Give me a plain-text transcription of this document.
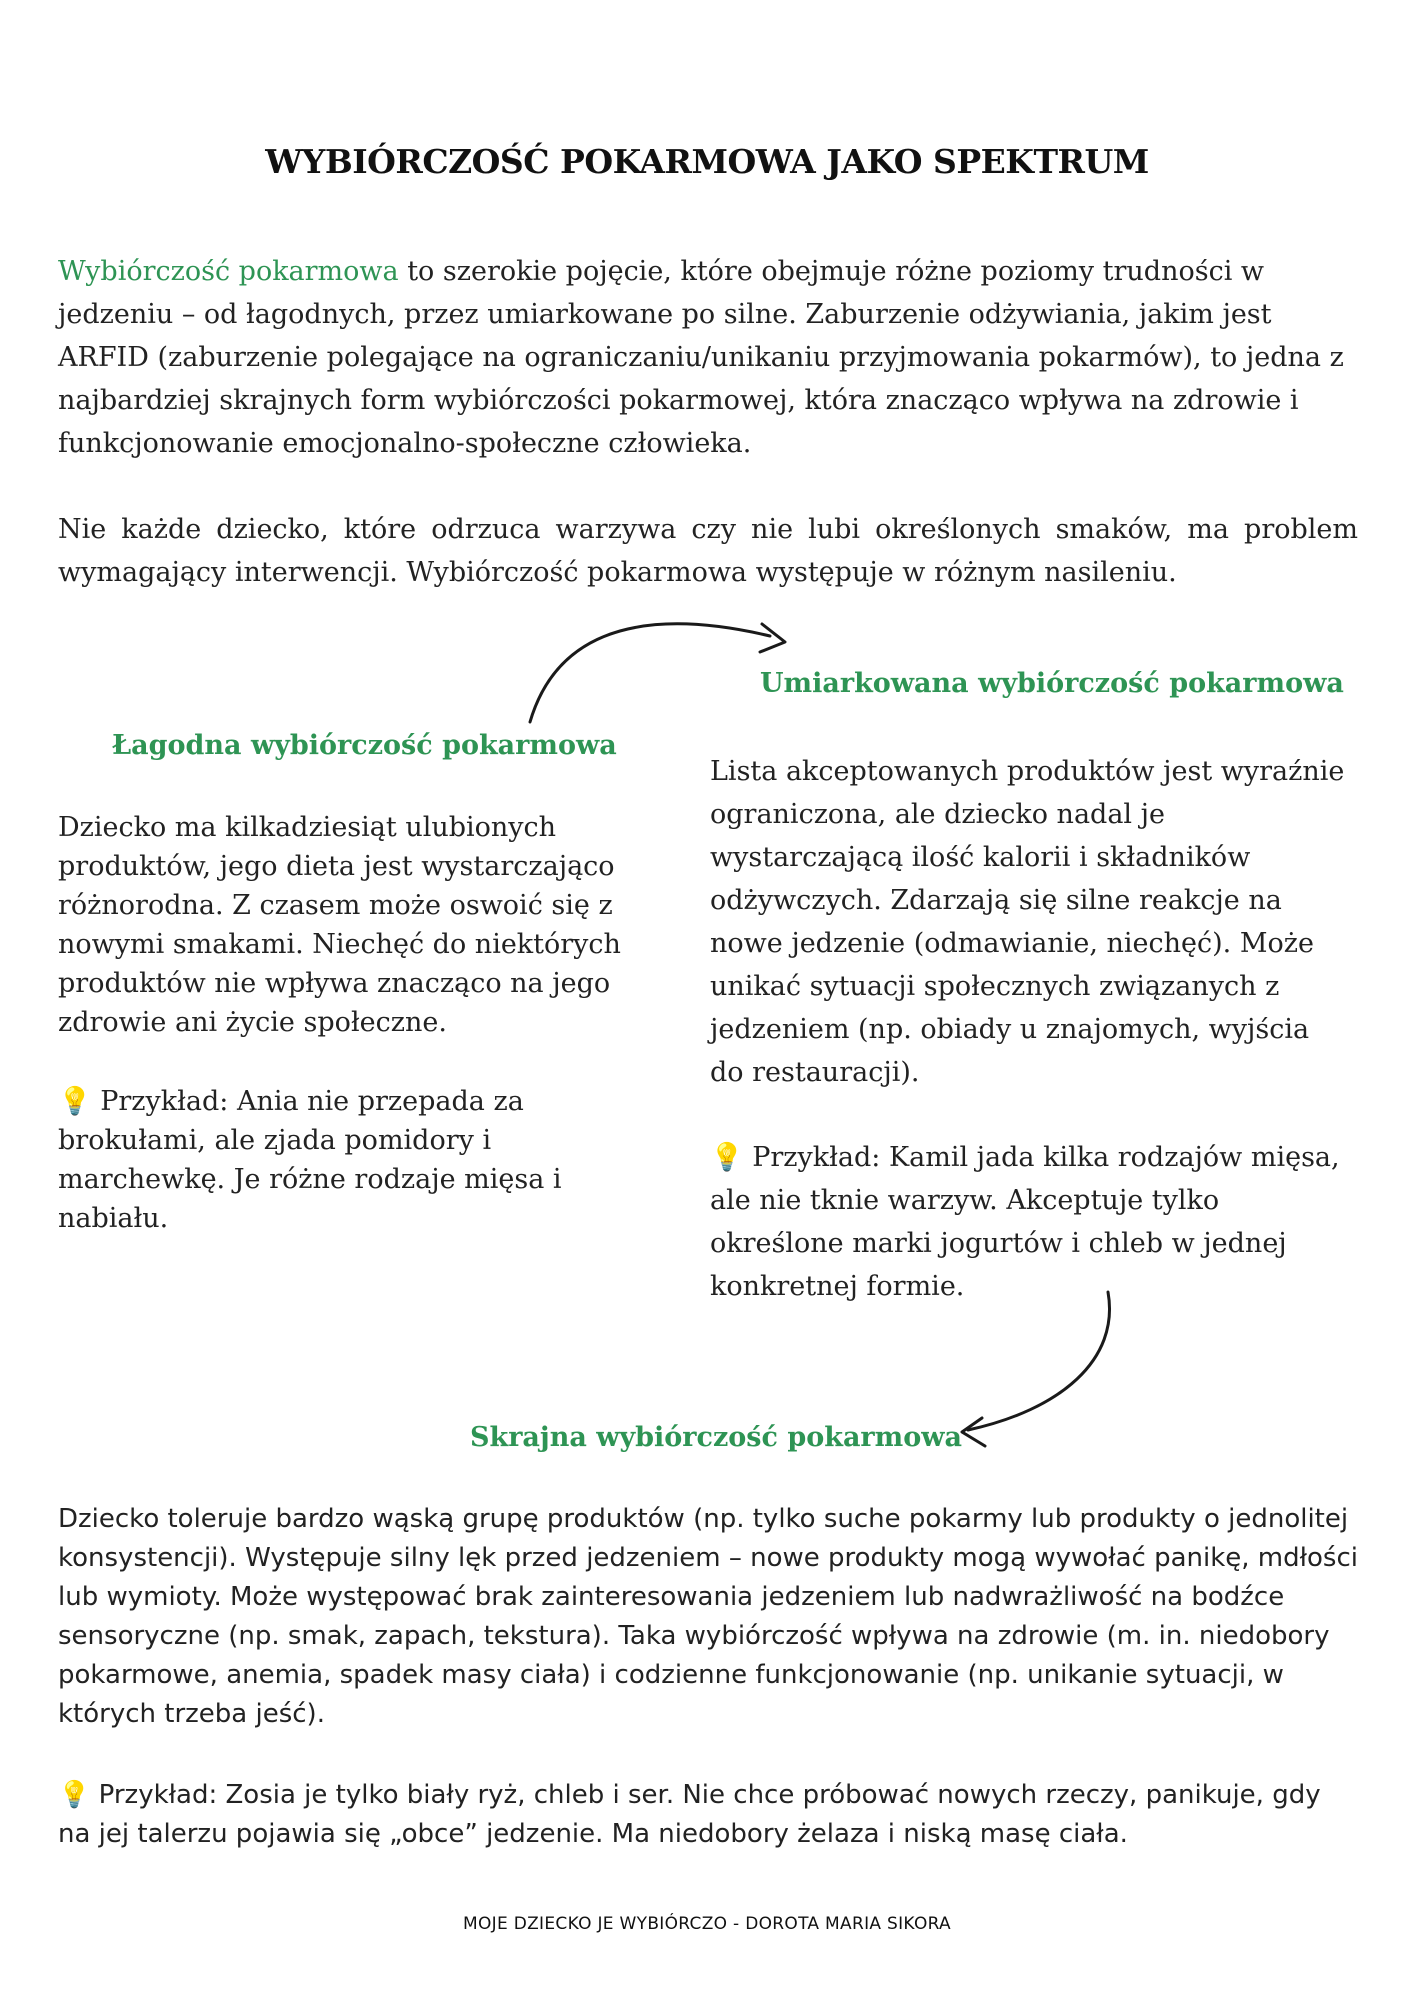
WYBIÓRCZOŚĆ POKARMOWA JAKO SPEKTRUM
Wybiórczość pokarmowa to szerokie pojęcie, które obejmuje różne poziomy trudności w jedzeniu – od łagodnych, przez umiarkowane po silne. Zaburzenie odżywiania, jakim jest ARFID (zaburzenie polegające na ograniczaniu/unikaniu przyjmowania pokarmów), to jedna z najbardziej skrajnych form wybiórczości pokarmowej, która znacząco wpływa na zdrowie i funkcjonowanie emocjonalno-społeczne człowieka.
Nie każde dziecko, które odrzuca warzywa czy nie lubi określonych smaków, ma problem wymagający interwencji. Wybiórczość pokarmowa występuje w różnym nasileniu.
Łagodna wybiórczość pokarmowa
Dziecko ma kilkadziesiąt ulubionych produktów, jego dieta jest wystarczająco różnorodna. Z czasem może oswoić się z nowymi smakami. Niechęć do niektórych produktów nie wpływa znacząco na jego zdrowie ani życie społeczne.
💡 Przykład: Ania nie przepada za brokułami, ale zjada pomidory i marchewkę. Je różne rodzaje mięsa i nabiału.
Umiarkowana wybiórczość pokarmowa
Lista akceptowanych produktów jest wyraźnie ograniczona, ale dziecko nadal je wystarczającą ilość kalorii i składników odżywczych. Zdarzają się silne reakcje na nowe jedzenie (odmawianie, niechęć). Może unikać sytuacji społecznych związanych z jedzeniem (np. obiady u znajomych, wyjścia do restauracji).
💡 Przykład: Kamil jada kilka rodzajów mięsa, ale nie tknie warzyw. Akceptuje tylko określone marki jogurtów i chleb w jednej konkretnej formie.
Skrajna wybiórczość pokarmowa
Dziecko toleruje bardzo wąską grupę produktów (np. tylko suche pokarmy lub produkty o jednolitej konsystencji). Występuje silny lęk przed jedzeniem – nowe produkty mogą wywołać panikę, mdłości lub wymioty. Może występować brak zainteresowania jedzeniem lub nadwrażliwość na bodźce sensoryczne (np. smak, zapach, tekstura). Taka wybiórczość wpływa na zdrowie (m. in. niedobory pokarmowe, anemia, spadek masy ciała) i codzienne funkcjonowanie (np. unikanie sytuacji, w których trzeba jeść).
💡 Przykład: Zosia je tylko biały ryż, chleb i ser. Nie chce próbować nowych rzeczy, panikuje, gdy na jej talerzu pojawia się „obce” jedzenie. Ma niedobory żelaza i niską masę ciała.
MOJE DZIECKO JE WYBIÓRCZO - DOROTA MARIA SIKORA
